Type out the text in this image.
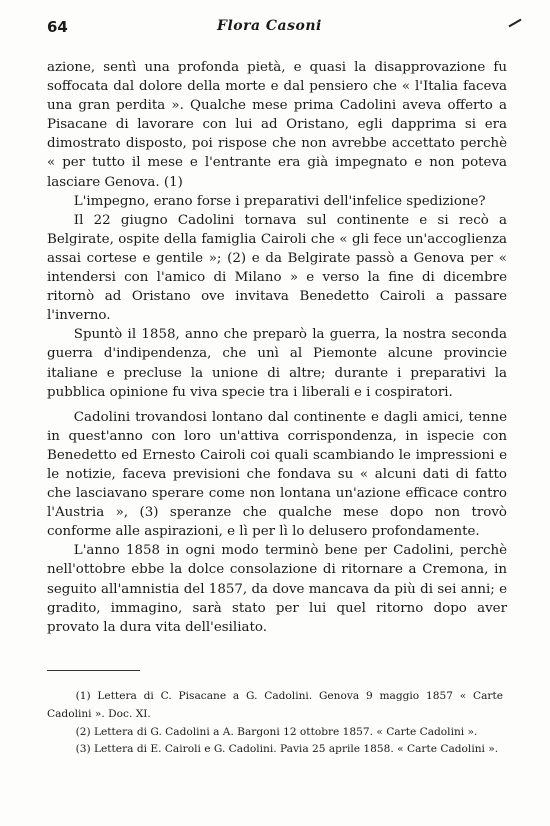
64	Flora Casoni

azione, sentì una profonda pietà, e quasi la disapprovazione fu soffocata dal dolore della morte e dal pensiero che « l'Italia faceva una gran perdita ». Qualche mese prima Cadolini aveva offerto a Pisacane di lavorare con lui ad Oristano, egli dapprima si era dimostrato disposto, poi rispose che non avrebbe accettato perchè « per tutto il mese e l'entrante era già impegnato e non poteva lasciare Genova. (1)

L'impegno, erano forse i preparativi dell'infelice spedizione?

Il 22 giugno Cadolini tornava sul continente e si recò a Belgirate, ospite della famiglia Cairoli che « gli fece un'accoglienza assai cortese e gentile »; (2) e da Belgirate passò a Genova per « intendersi con l'amico di Milano » e verso la fine di dicembre ritornò ad Oristano ove invitava Benedetto Cairoli a passare l'inverno.

Spuntò il 1858, anno che preparò la guerra, la nostra seconda guerra d'indipendenza, che unì al Piemonte alcune provincie italiane e precluse la unione di altre; durante i preparativi la pubblica opinione fu viva specie tra i liberali e i cospiratori.

Cadolini trovandosi lontano dal continente e dagli amici, tenne in quest'anno con loro un'attiva corrispondenza, in ispecie con Benedetto ed Ernesto Cairoli coi quali scambiando le impressioni e le notizie, faceva previsioni che fondava su « alcuni dati di fatto che lasciavano sperare come non lontana un'azione efficace contro l'Austria », (3) speranze che qualche mese dopo non trovò conforme alle aspirazioni, e lì per lì lo delusero profondamente.

L'anno 1858 in ogni modo terminò bene per Cadolini, perchè nell'ottobre ebbe la dolce consolazione di ritornare a Cremona, in seguito all'amnistia del 1857, da dove mancava da più di sei anni; e gradito, immagino, sarà stato per lui quel ritorno dopo aver provato la dura vita dell'esiliato.

(1) Lettera di C. Pisacane a G. Cadolini. Genova 9 maggio 1857 « Carte Cadolini ». Doc. XI.

(2) Lettera di G. Cadolini a A. Bargoni 12 ottobre 1857. « Carte Cadolini ».

(3) Lettera di E. Cairoli e G. Cadolini. Pavia 25 aprile 1858. « Carte Cadolini ».
